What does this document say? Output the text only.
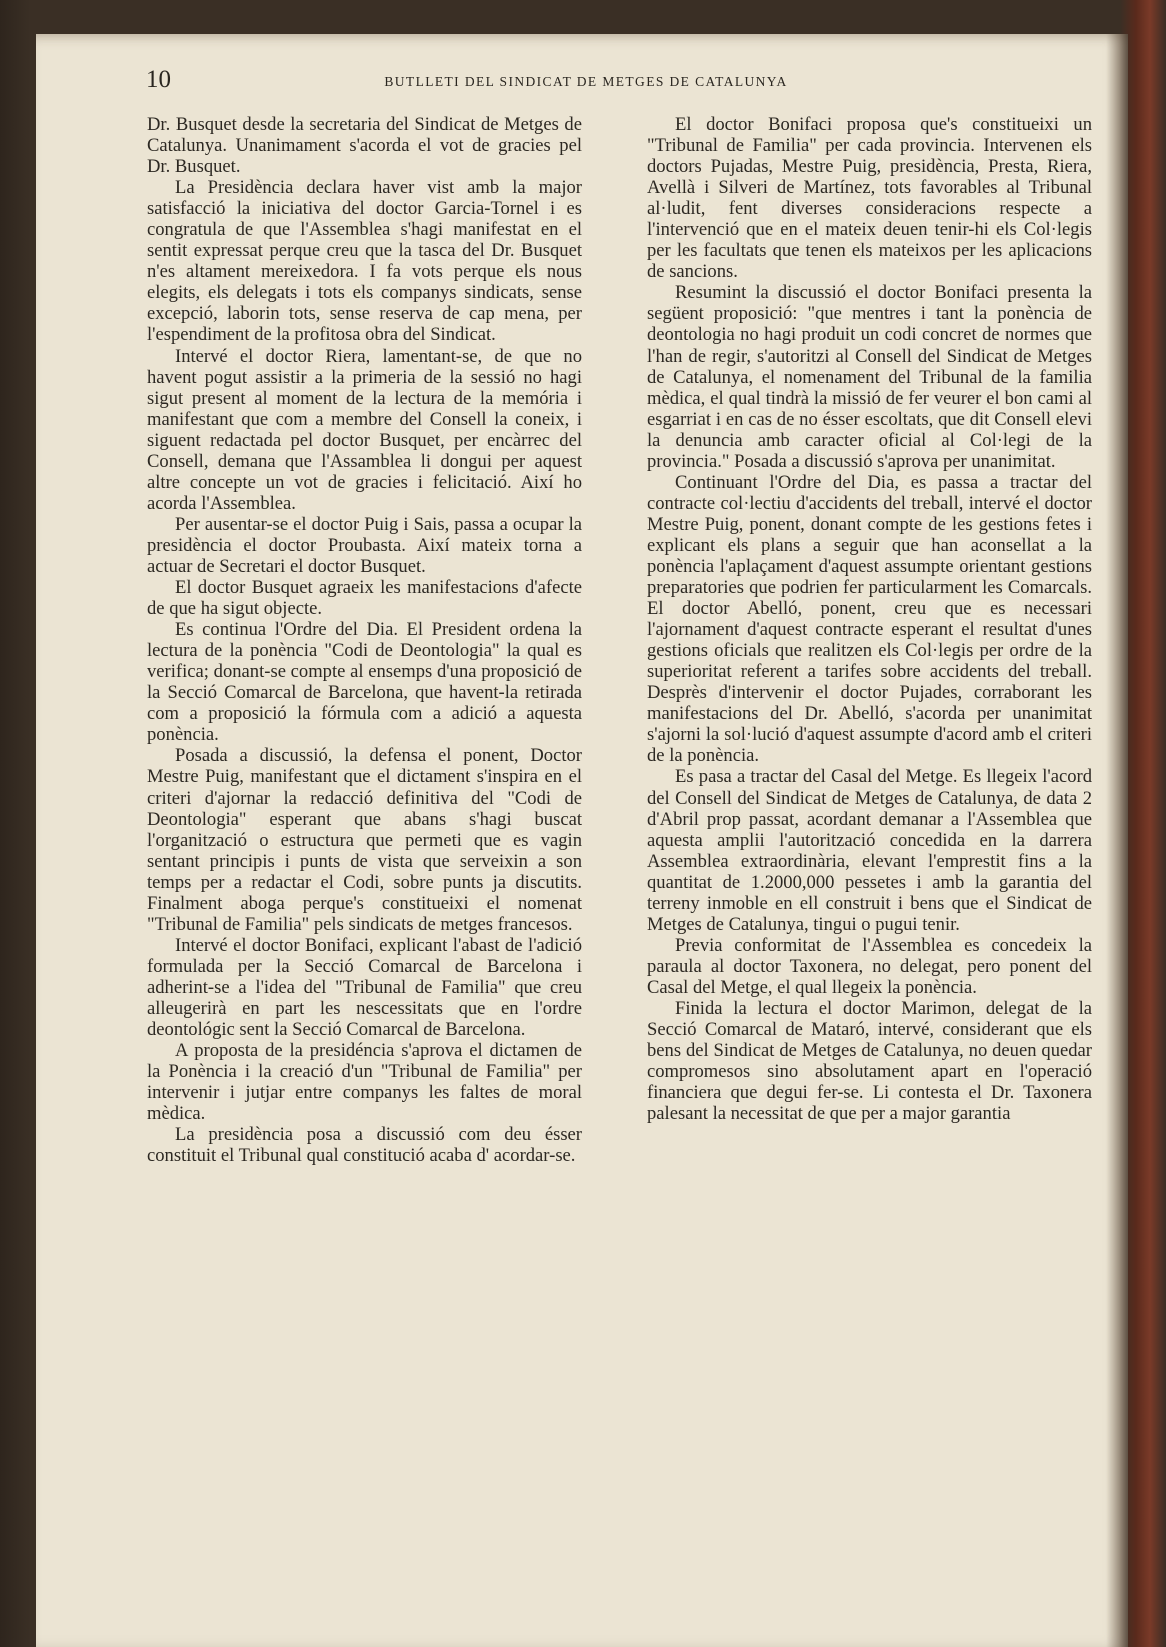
10	BUTLLETI DEL SINDICAT DE METGES DE CATALUNYA

Dr. Busquet desde la secretaria del Sindicat de Metges de Catalunya. Unanimament s'acorda el vot de gracies pel Dr. Busquet.

La Presidència declara haver vist amb la major satisfacció la iniciativa del doctor Garcia-Tornel i es congratula de que l'Assemblea s'hagi manifestat en el sentit expressat perque creu que la tasca del Dr. Busquet n'es altament mereixedora. I fa vots perque els nous elegits, els delegats i tots els companys sindicats, sense excepció, laborin tots, sense reserva de cap mena, per l'espendiment de la profitosa obra del Sindicat.

Intervé el doctor Riera, lamentant-se, de que no havent pogut assistir a la primeria de la sessió no hagi sigut present al moment de la lectura de la memória i manifestant que com a membre del Consell la coneix, i siguent redactada pel doctor Busquet, per encàrrec del Consell, demana que l'Assamblea li dongui per aquest altre concepte un vot de gracies i felicitació. Així ho acorda l'Assemblea.

Per ausentar-se el doctor Puig i Sais, passa a ocupar la presidència el doctor Proubasta. Així mateix torna a actuar de Secretari el doctor Busquet.

El doctor Busquet agraeix les manifestacions d'afecte de que ha sigut objecte.

Es continua l'Ordre del Dia. El President ordena la lectura de la ponència "Codi de Deontologia" la qual es verifica; donant-se compte al ensemps d'una proposició de la Secció Comarcal de Barcelona, que havent-la retirada com a proposició la fórmula com a adició a aquesta ponència.

Posada a discussió, la defensa el ponent, Doctor Mestre Puig, manifestant que el dictament s'inspira en el criteri d'ajornar la redacció definitiva del "Codi de Deontologia" esperant que abans s'hagi buscat l'organització o estructura que permeti que es vagin sentant principis i punts de vista que serveixin a son temps per a redactar el Codi, sobre punts ja discutits. Finalment aboga perque's constitueixi el nomenat "Tribunal de Familia" pels sindicats de metges francesos.

Intervé el doctor Bonifaci, explicant l'abast de l'adició formulada per la Secció Comarcal de Barcelona i adherint-se a l'idea del "Tribunal de Familia" que creu alleugerirà en part les nescessitats que en l'ordre deontológic sent la Secció Comarcal de Barcelona.

A proposta de la presidéncia s'aprova el dictamen de la Ponència i la creació d'un "Tribunal de Familia" per intervenir i jutjar entre companys les faltes de moral mèdica.

La presidència posa a discussió com deu ésser constituit el Tribunal qual constitució acaba d' acordar-se.

El doctor Bonifaci proposa que's constitueixi un "Tribunal de Familia" per cada provincia. Intervenen els doctors Pujadas, Mestre Puig, presidència, Presta, Riera, Avellà i Silveri de Martínez, tots favorables al Tribunal al·ludit, fent diverses consideracions respecte a l'intervenció que en el mateix deuen tenir-hi els Col·legis per les facultats que tenen els mateixos per les aplicacions de sancions.

Resumint la discussió el doctor Bonifaci presenta la següent proposició: "que mentres i tant la ponència de deontologia no hagi produit un codi concret de normes que l'han de regir, s'autoritzi al Consell del Sindicat de Metges de Catalunya, el nomenament del Tribunal de la familia mèdica, el qual tindrà la missió de fer veurer el bon cami al esgarriat i en cas de no ésser escoltats, que dit Consell elevi la denuncia amb caracter oficial al Col·legi de la provincia." Posada a discussió s'aprova per unanimitat.

Continuant l'Ordre del Dia, es passa a tractar del contracte col·lectiu d'accidents del treball, intervé el doctor Mestre Puig, ponent, donant compte de les gestions fetes i explicant els plans a seguir que han aconsellat a la ponència l'aplaçament d'aquest assumpte orientant gestions preparatories que podrien fer particularment les Comarcals. El doctor Abelló, ponent, creu que es necessari l'ajornament d'aquest contracte esperant el resultat d'unes gestions oficials que realitzen els Col·legis per ordre de la superioritat referent a tarifes sobre accidents del treball. Desprès d'intervenir el doctor Pujades, corraborant les manifestacions del Dr. Abelló, s'acorda per unanimitat s'ajorni la sol·lució d'aquest assumpte d'acord amb el criteri de la ponència.

Es pasa a tractar del Casal del Metge. Es llegeix l'acord del Consell del Sindicat de Metges de Catalunya, de data 2 d'Abril prop passat, acordant demanar a l'Assemblea que aquesta amplii l'autorització concedida en la darrera Assemblea extraordinària, elevant l'emprestit fins a la quantitat de 1.2000,000 pessetes i amb la garantia del terreny inmoble en ell construit i bens que el Sindicat de Metges de Catalunya, tingui o pugui tenir.

Previa conformitat de l'Assemblea es concedeix la paraula al doctor Taxonera, no delegat, pero ponent del Casal del Metge, el qual llegeix la ponència.

Finida la lectura el doctor Marimon, delegat de la Secció Comarcal de Mataró, intervé, considerant que els bens del Sindicat de Metges de Catalunya, no deuen quedar compromesos sino absolutament apart en l'operació financiera que degui fer-se. Li contesta el Dr. Taxonera palesant la necessitat de que per a major garantia
